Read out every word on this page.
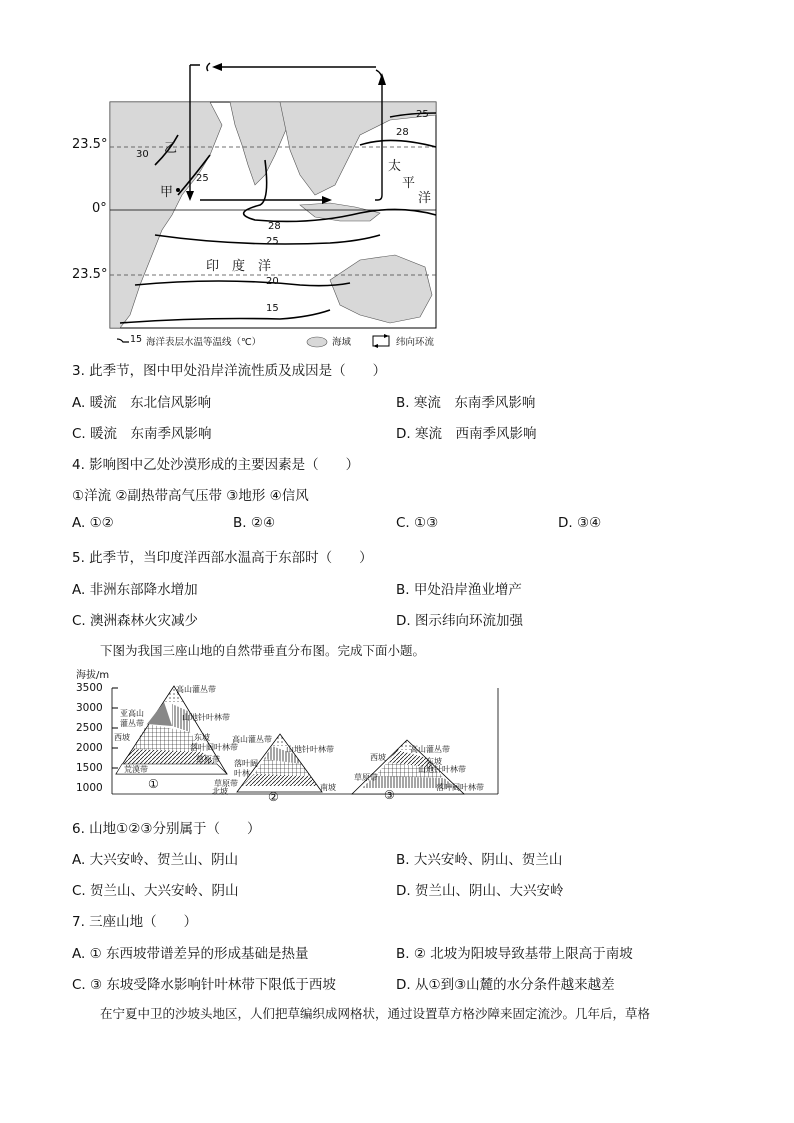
23.5°
0°
23.5°
25
28
30
25
28
25
20
15
乙
甲
太
平
洋
印　度　洋
15 海洋表层水温等温线（℃）	海域	纬向环流
3. 此季节，图中甲处沿岸洋流性质及成因是（　　）
A. 暖流　东北信风影响	B. 寒流　东南季风影响
C. 暖流　东南季风影响	D. 寒流　西南季风影响
4. 影响图中乙处沙漠形成的主要因素是（　　）
①洋流 ②副热带高气压带 ③地形 ④信风
A. ①②	B. ②④	C. ①③	D. ③④
5. 此季节，当印度洋西部水温高于东部时（　　）
A. 非洲东部降水增加	B. 甲处沿岸渔业增产
C. 澳洲森林火灾减少	D. 图示纬向环流加强
下图为我国三座山地的自然带垂直分布图。完成下面小题。
海拔/m
3500
3000
2500
2000
1500
1000
高山灌丛带
亚高山
灌丛带
西坡
山地针叶林带
东坡
落叶阔叶林带
草原带
荒漠带
①
高山灌丛带
山地针叶林带
落叶阔
叶林
草原带
北坡	南坡
②
高山灌丛带
西坡	东坡
山地针叶林带
草原带
落叶阔叶林带
③
6. 山地①②③分别属于（　　）
A. 大兴安岭、贺兰山、阴山	B. 大兴安岭、阴山、贺兰山
C. 贺兰山、大兴安岭、阴山	D. 贺兰山、阴山、大兴安岭
7. 三座山地（　　）
A. ① 东西坡带谱差异的形成基础是热量	B. ② 北坡为阳坡导致基带上限高于南坡
C. ③ 东坡受降水影响针叶林带下限低于西坡	D. 从①到③山麓的水分条件越来越差
在宁夏中卫的沙坡头地区，人们把草编织成网格状，通过设置草方格沙障来固定流沙。几年后，草格
